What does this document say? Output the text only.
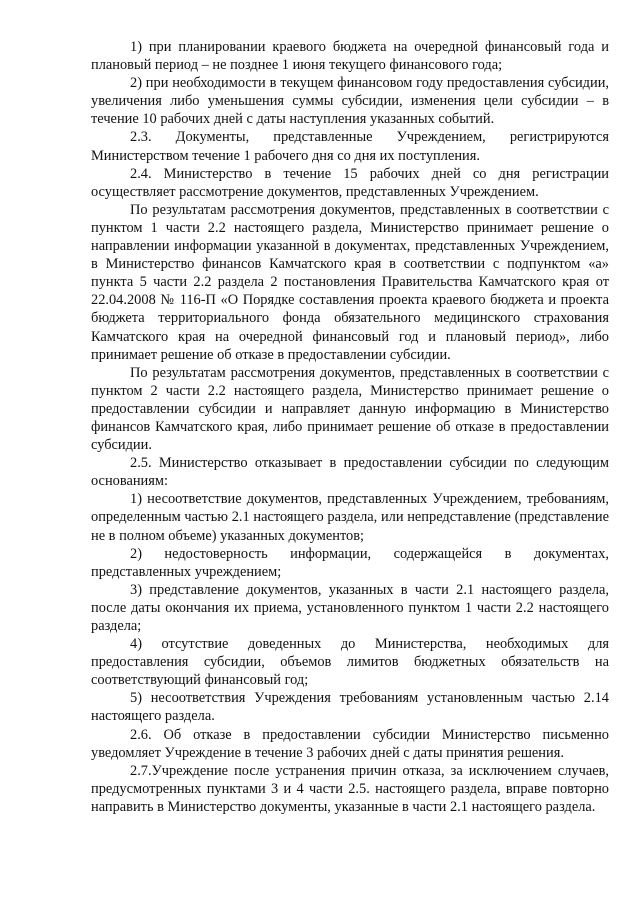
1) при планировании краевого бюджета на очередной финансовый года и плановый период – не позднее 1 июня текущего финансового года;

2) при необходимости в текущем финансовом году предоставления субсидии, увеличения либо уменьшения суммы субсидии, изменения цели субсидии – в течение 10 рабочих дней с даты наступления указанных событий.

2.3. Документы, представленные Учреждением, регистрируются Министерством течение 1 рабочего дня со дня их поступления.

2.4. Министерство в течение 15 рабочих дней со дня регистрации осуществляет рассмотрение документов, представленных Учреждением.

По результатам рассмотрения документов, представленных в соответствии с пунктом 1 части 2.2 настоящего раздела, Министерство принимает решение о направлении информации указанной в документах, представленных Учреждением, в Министерство финансов Камчатского края в соответствии с подпунктом «а» пункта 5 части 2.2 раздела 2 постановления Правительства Камчатского края от 22.04.2008 № 116-П «О Порядке составления проекта краевого бюджета и проекта бюджета территориального фонда обязательного медицинского страхования Камчатского края на очередной финансовый год и плановый период», либо принимает решение об отказе в предоставлении субсидии.

По результатам рассмотрения документов, представленных в соответствии с пунктом 2 части 2.2 настоящего раздела, Министерство принимает решение о предоставлении субсидии и направляет данную информацию в Министерство финансов Камчатского края, либо принимает решение об отказе в предоставлении субсидии.

2.5. Министерство отказывает в предоставлении субсидии по следующим основаниям:

1) несоответствие документов, представленных Учреждением, требованиям, определенным частью 2.1 настоящего раздела, или непредставление (представление не в полном объеме) указанных документов;

2) недостоверность информации, содержащейся в документах, представленных учреждением;

3) представление документов, указанных в части 2.1 настоящего раздела, после даты окончания их приема, установленного пунктом 1 части 2.2 настоящего раздела;

4) отсутствие доведенных до Министерства, необходимых для предоставления субсидии, объемов лимитов бюджетных обязательств на соответствующий финансовый год;

5) несоответствия Учреждения требованиям установленным частью 2.14 настоящего раздела.

2.6. Об отказе в предоставлении субсидии Министерство письменно уведомляет Учреждение в течение 3 рабочих дней с даты принятия решения.

2.7.Учреждение после устранения причин отказа, за исключением случаев, предусмотренных пунктами 3 и 4 части 2.5. настоящего раздела, вправе повторно направить в Министерство документы, указанные в части 2.1 настоящего раздела.
